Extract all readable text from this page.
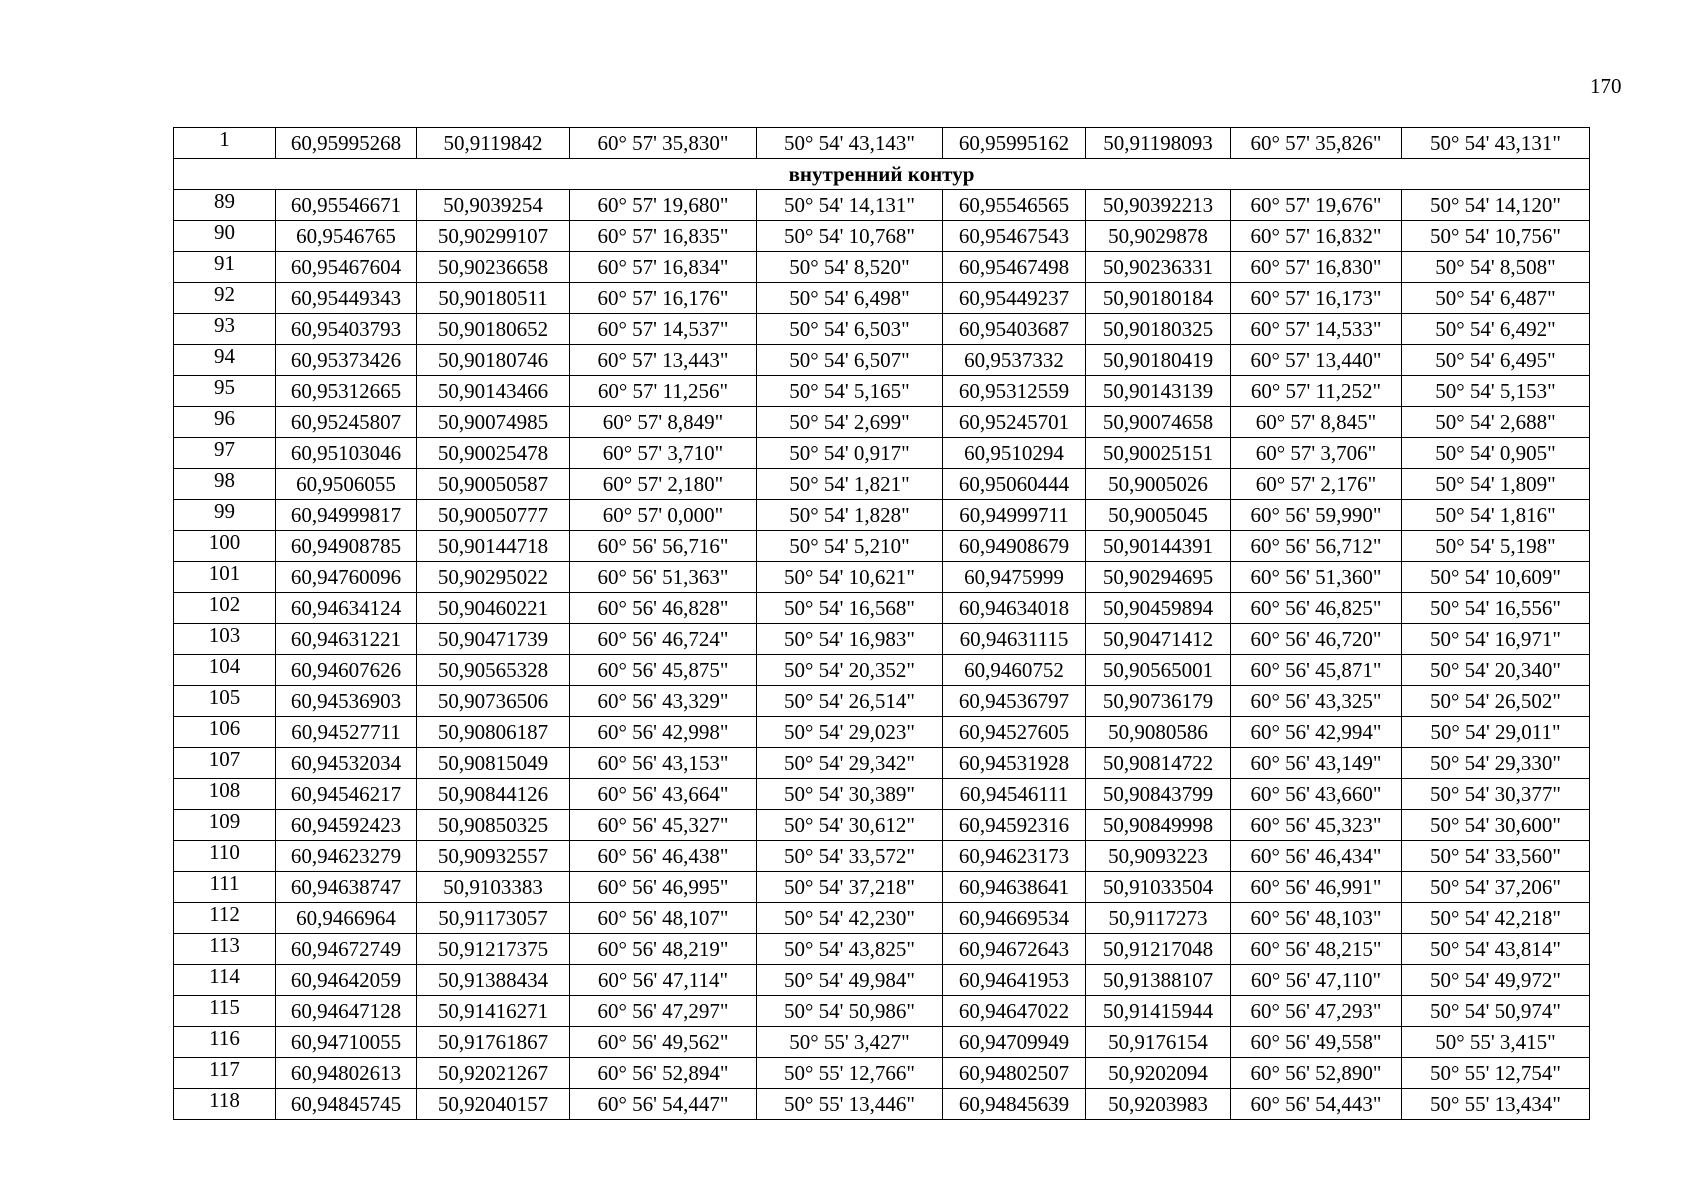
170
1	60,95995268	50,9119842	60° 57' 35,830"	50° 54' 43,143"	60,95995162	50,91198093	60° 57' 35,826"	50° 54' 43,131"
внутренний контур								
89	60,95546671	50,9039254	60° 57' 19,680"	50° 54' 14,131"	60,95546565	50,90392213	60° 57' 19,676"	50° 54' 14,120"
90	60,9546765	50,90299107	60° 57' 16,835"	50° 54' 10,768"	60,95467543	50,9029878	60° 57' 16,832"	50° 54' 10,756"
91	60,95467604	50,90236658	60° 57' 16,834"	50° 54' 8,520"	60,95467498	50,90236331	60° 57' 16,830"	50° 54' 8,508"
92	60,95449343	50,90180511	60° 57' 16,176"	50° 54' 6,498"	60,95449237	50,90180184	60° 57' 16,173"	50° 54' 6,487"
93	60,95403793	50,90180652	60° 57' 14,537"	50° 54' 6,503"	60,95403687	50,90180325	60° 57' 14,533"	50° 54' 6,492"
94	60,95373426	50,90180746	60° 57' 13,443"	50° 54' 6,507"	60,9537332	50,90180419	60° 57' 13,440"	50° 54' 6,495"
95	60,95312665	50,90143466	60° 57' 11,256"	50° 54' 5,165"	60,95312559	50,90143139	60° 57' 11,252"	50° 54' 5,153"
96	60,95245807	50,90074985	60° 57' 8,849"	50° 54' 2,699"	60,95245701	50,90074658	60° 57' 8,845"	50° 54' 2,688"
97	60,95103046	50,90025478	60° 57' 3,710"	50° 54' 0,917"	60,9510294	50,90025151	60° 57' 3,706"	50° 54' 0,905"
98	60,9506055	50,90050587	60° 57' 2,180"	50° 54' 1,821"	60,95060444	50,9005026	60° 57' 2,176"	50° 54' 1,809"
99	60,94999817	50,90050777	60° 57' 0,000"	50° 54' 1,828"	60,94999711	50,9005045	60° 56' 59,990"	50° 54' 1,816"
100	60,94908785	50,90144718	60° 56' 56,716"	50° 54' 5,210"	60,94908679	50,90144391	60° 56' 56,712"	50° 54' 5,198"
101	60,94760096	50,90295022	60° 56' 51,363"	50° 54' 10,621"	60,9475999	50,90294695	60° 56' 51,360"	50° 54' 10,609"
102	60,94634124	50,90460221	60° 56' 46,828"	50° 54' 16,568"	60,94634018	50,90459894	60° 56' 46,825"	50° 54' 16,556"
103	60,94631221	50,90471739	60° 56' 46,724"	50° 54' 16,983"	60,94631115	50,90471412	60° 56' 46,720"	50° 54' 16,971"
104	60,94607626	50,90565328	60° 56' 45,875"	50° 54' 20,352"	60,9460752	50,90565001	60° 56' 45,871"	50° 54' 20,340"
105	60,94536903	50,90736506	60° 56' 43,329"	50° 54' 26,514"	60,94536797	50,90736179	60° 56' 43,325"	50° 54' 26,502"
106	60,94527711	50,90806187	60° 56' 42,998"	50° 54' 29,023"	60,94527605	50,9080586	60° 56' 42,994"	50° 54' 29,011"
107	60,94532034	50,90815049	60° 56' 43,153"	50° 54' 29,342"	60,94531928	50,90814722	60° 56' 43,149"	50° 54' 29,330"
108	60,94546217	50,90844126	60° 56' 43,664"	50° 54' 30,389"	60,94546111	50,90843799	60° 56' 43,660"	50° 54' 30,377"
109	60,94592423	50,90850325	60° 56' 45,327"	50° 54' 30,612"	60,94592316	50,90849998	60° 56' 45,323"	50° 54' 30,600"
110	60,94623279	50,90932557	60° 56' 46,438"	50° 54' 33,572"	60,94623173	50,9093223	60° 56' 46,434"	50° 54' 33,560"
111	60,94638747	50,9103383	60° 56' 46,995"	50° 54' 37,218"	60,94638641	50,91033504	60° 56' 46,991"	50° 54' 37,206"
112	60,9466964	50,91173057	60° 56' 48,107"	50° 54' 42,230"	60,94669534	50,9117273	60° 56' 48,103"	50° 54' 42,218"
113	60,94672749	50,91217375	60° 56' 48,219"	50° 54' 43,825"	60,94672643	50,91217048	60° 56' 48,215"	50° 54' 43,814"
114	60,94642059	50,91388434	60° 56' 47,114"	50° 54' 49,984"	60,94641953	50,91388107	60° 56' 47,110"	50° 54' 49,972"
115	60,94647128	50,91416271	60° 56' 47,297"	50° 54' 50,986"	60,94647022	50,91415944	60° 56' 47,293"	50° 54' 50,974"
116	60,94710055	50,91761867	60° 56' 49,562"	50° 55' 3,427"	60,94709949	50,9176154	60° 56' 49,558"	50° 55' 3,415"
117	60,94802613	50,92021267	60° 56' 52,894"	50° 55' 12,766"	60,94802507	50,9202094	60° 56' 52,890"	50° 55' 12,754"
118	60,94845745	50,92040157	60° 56' 54,447"	50° 55' 13,446"	60,94845639	50,9203983	60° 56' 54,443"	50° 55' 13,434"
